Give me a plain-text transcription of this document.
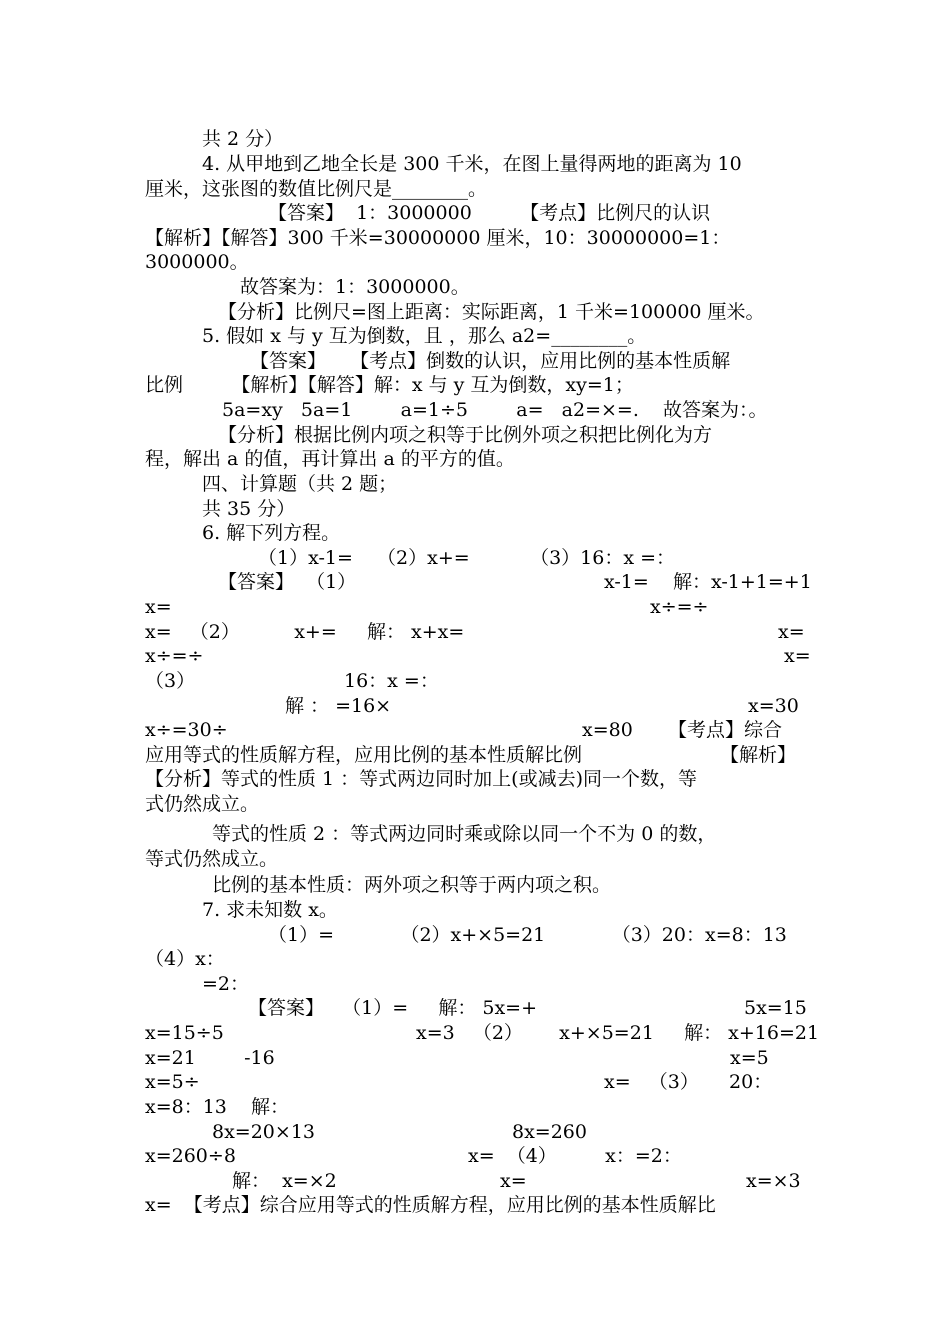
共 2 分）
4. 从甲地到乙地全长是 300 千米，在图上量得两地的距离为 10
厘米，这张图的数值比例尺是________。
【答案】  1：3000000        【考点】比例尺的认识
【解析】【解答】300 千米=30000000 厘米，10：30000000=1：
3000000。
故答案为：1：3000000。
【分析】比例尺=图上距离：实际距离，1 千米=100000 厘米。
5. 假如 x 与 y 互为倒数，且 ，那么 a2=________。
【答案】    【考点】倒数的认识，应用比例的基本性质解
比例        【解析】【解答】解：x 与 y 互为倒数，xy=1；
5a=xy   5a=1        a=1÷5        a=   a2=×=.    故答案为：。
【分析】根据比例内项之积等于比例外项之积把比例化为方
程，解出 a 的值，再计算出 a 的平方的值。
四、计算题（共 2 题；
共 35 分）
6. 解下列方程。
（1）x-1=    （2）x+=          （3）16：x =：
【答案】  （1）	x-1=    解：x-1+1=+1
x=	x÷=÷
x=   （2）         x+=     解： x+x=	x=
x÷=÷	x=
（3）	16：x =：
解 ： =16×	x=30
x÷=30÷	x=80 【考点】综合
应用等式的性质解方程，应用比例的基本性质解比例	【解析】
【分析】等式的性质 1 ：等式两边同时加上(或减去)同一个数，等
式仍然成立。
等式的性质 2 ：等式两边同时乘或除以同一个不为 0 的数，
等式仍然成立。
比例的基本性质：两外项之积等于两内项之积。
7. 求未知数 x。
（1）=           （2）x+×5=21           （3）20：x=8：13
（4）x：
=2：
【答案】   （1）=     解： 5x=+	5x=15
x=15÷5	x=3   （2）      x+×5=21     解： x+16=21
x=21        -16	x=5
x=5÷	x=   （3）     20：
x=8：13    解：
8x=20×13	8x=260
x=260÷8	x=  （4）        x：=2：
解：  x=×2	x=	x=×3
x=  【考点】综合应用等式的性质解方程，应用比例的基本性质解比
